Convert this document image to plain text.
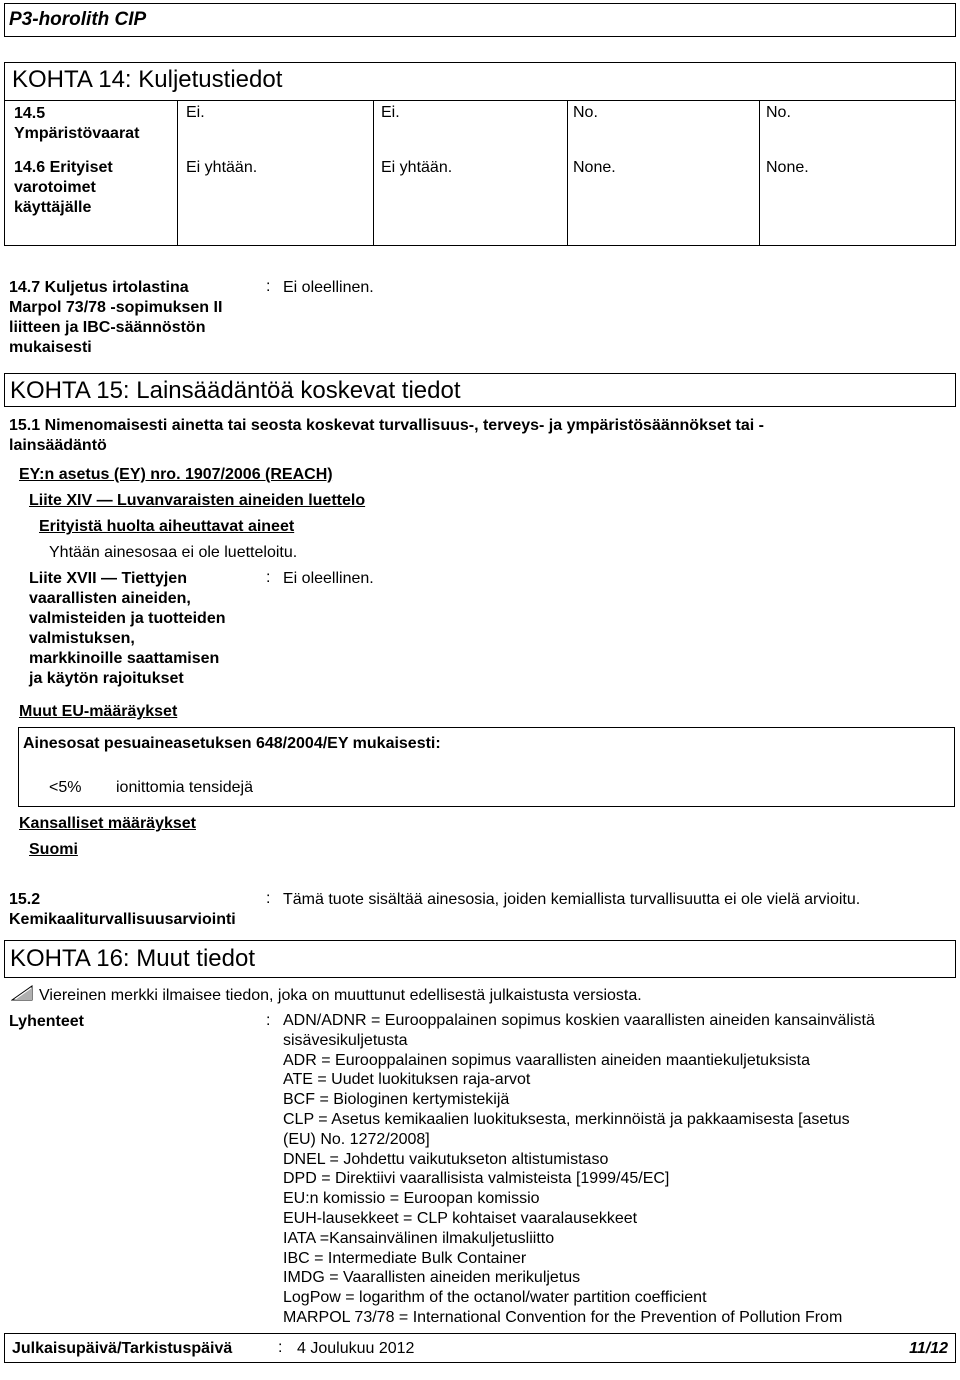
P3-horolith CIP
KOHTA 14: Kuljetustiedot
14.5
Ympäristövaarat
Ei.	Ei.	No.	No.
14.6 Erityiset
varotoimet
käyttäjälle
Ei yhtään.	Ei yhtään.	None.	None.
14.7 Kuljetus irtolastina
Marpol 73/78 -sopimuksen II
liitteen ja IBC-säännöstön
mukaisesti
: Ei oleellinen.
KOHTA 15: Lainsäädäntöä koskevat tiedot
15.1 Nimenomaisesti ainetta tai seosta koskevat turvallisuus-, terveys- ja ympäristösäännökset tai -
lainsäädäntö
EY:n asetus (EY) nro. 1907/2006 (REACH)
Liite XIV — Luvanvaraisten aineiden luettelo
Erityistä huolta aiheuttavat aineet
Yhtään ainesosaa ei ole luetteloitu.
Liite XVII — Tiettyjen
vaarallisten aineiden,
valmisteiden ja tuotteiden
valmistuksen,
markkinoille saattamisen
ja käytön rajoitukset
: Ei oleellinen.
Muut EU-määräykset
Ainesosat pesuaineasetuksen 648/2004/EY mukaisesti:
<5% ionittomia tensidejä
Kansalliset määräykset
Suomi
15.2
Kemikaaliturvallisuusarviointi
: Tämä tuote sisältää ainesosia, joiden kemiallista turvallisuutta ei ole vielä arvioitu.
KOHTA 16: Muut tiedot
Viereinen merkki ilmaisee tiedon, joka on muuttunut edellisestä julkaistusta versiosta.
Lyhenteet	: ADN/ADNR = Eurooppalainen sopimus koskien vaarallisten aineiden kansainvälistä
sisävesikuljetusta
ADR = Eurooppalainen sopimus vaarallisten aineiden maantiekuljetuksista
ATE = Uudet luokituksen raja-arvot
BCF = Biologinen kertymistekijä
CLP = Asetus kemikaalien luokituksesta, merkinnöistä ja pakkaamisesta [asetus
(EU) No. 1272/2008]
DNEL = Johdettu vaikutukseton altistumistaso
DPD = Direktiivi vaarallisista valmisteista [1999/45/EC]
EU:n komissio = Euroopan komissio
EUH-lausekkeet = CLP kohtaiset vaaralausekkeet
IATA =Kansainvälinen ilmakuljetusliitto
IBC = Intermediate Bulk Container
IMDG = Vaarallisten aineiden merikuljetus
LogPow = logarithm of the octanol/water partition coefficient
MARPOL 73/78 = International Convention for the Prevention of Pollution From
Julkaisupäivä/Tarkistuspäivä	: 4 Joulukuu 2012	11/12
